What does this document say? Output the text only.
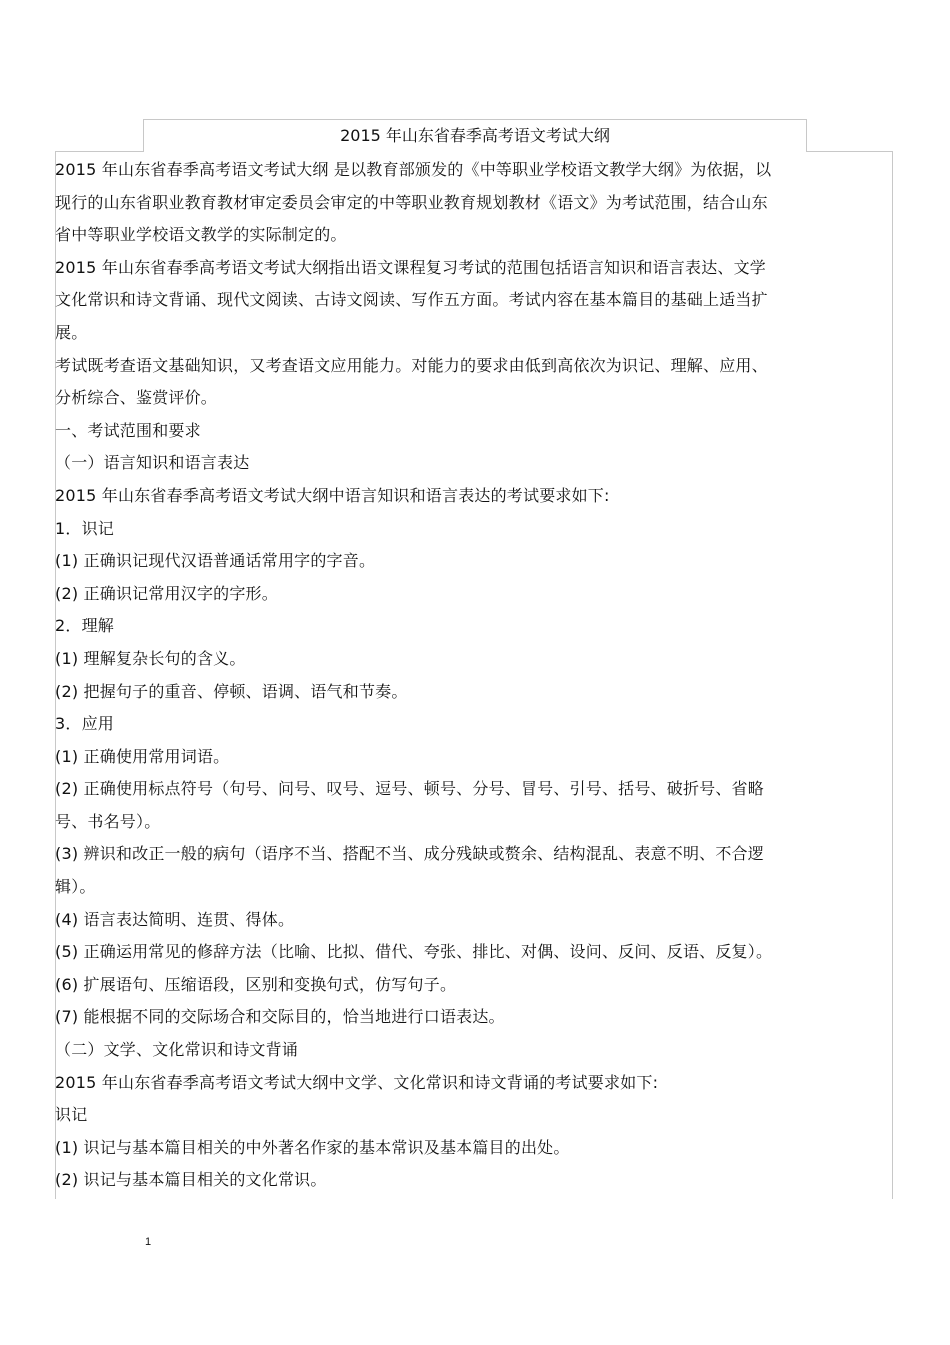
2015 年山东省春季高考语文考试大纲
2015 年山东省春季高考语文考试大纲 是以教育部颁发的《中等职业学校语文教学大纲》为依据，以
现行的山东省职业教育教材审定委员会审定的中等职业教育规划教材《语文》为考试范围，结合山东
省中等职业学校语文教学的实际制定的。
2015 年山东省春季高考语文考试大纲指出语文课程复习考试的范围包括语言知识和语言表达、文学
文化常识和诗文背诵、现代文阅读、古诗文阅读、写作五方面。考试内容在基本篇目的基础上适当扩
展。
考试既考查语文基础知识，又考查语文应用能力。对能力的要求由低到高依次为识记、理解、应用、
分析综合、鉴赏评价。
一、考试范围和要求
（一）语言知识和语言表达
2015 年山东省春季高考语文考试大纲中语言知识和语言表达的考试要求如下:
1．识记
(1) 正确识记现代汉语普通话常用字的字音。
(2) 正确识记常用汉字的字形。
2．理解
(1) 理解复杂长句的含义。
(2) 把握句子的重音、停顿、语调、语气和节奏。
3．应用
(1) 正确使用常用词语。
(2) 正确使用标点符号（句号、问号、叹号、逗号、顿号、分号、冒号、引号、括号、破折号、省略
号、书名号）。
(3) 辨识和改正一般的病句（语序不当、搭配不当、成分残缺或赘余、结构混乱、表意不明、不合逻
辑）。
(4) 语言表达简明、连贯、得体。
(5) 正确运用常见的修辞方法（比喻、比拟、借代、夸张、排比、对偶、设问、反问、反语、反复）。
(6) 扩展语句、压缩语段，区别和变换句式，仿写句子。
(7) 能根据不同的交际场合和交际目的，恰当地进行口语表达。
（二）文学、文化常识和诗文背诵
2015 年山东省春季高考语文考试大纲中文学、文化常识和诗文背诵的考试要求如下:
识记
(1) 识记与基本篇目相关的中外著名作家的基本常识及基本篇目的出处。
(2) 识记与基本篇目相关的文化常识。
1
